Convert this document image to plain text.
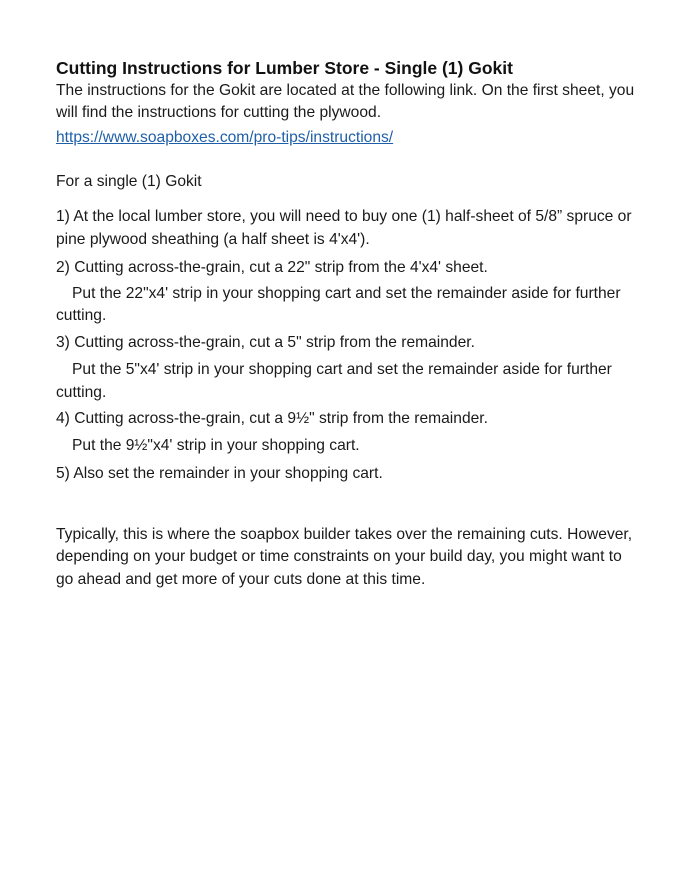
Cutting Instructions for Lumber Store - Single (1) Gokit

The instructions for the Gokit are located at the following link. On the first sheet, you will find the instructions for cutting the plywood.

https://www.soapboxes.com/pro-tips/instructions/

For a single (1) Gokit

1) At the local lumber store, you will need to buy one (1) half-sheet of 5/8” spruce or pine plywood sheathing (a half sheet is 4'x4').
2) Cutting across-the-grain, cut a 22" strip from the 4'x4' sheet.
Put the 22"x4' strip in your shopping cart and set the remainder aside for further cutting.
3) Cutting across-the-grain, cut a 5" strip from the remainder.
Put the 5"x4' strip in your shopping cart and set the remainder aside for further cutting.
4) Cutting across-the-grain, cut a 9½" strip from the remainder.
Put the 9½"x4' strip in your shopping cart.
5) Also set the remainder in your shopping cart.

Typically, this is where the soapbox builder takes over the remaining cuts. However, depending on your budget or time constraints on your build day, you might want to go ahead and get more of your cuts done at this time.
